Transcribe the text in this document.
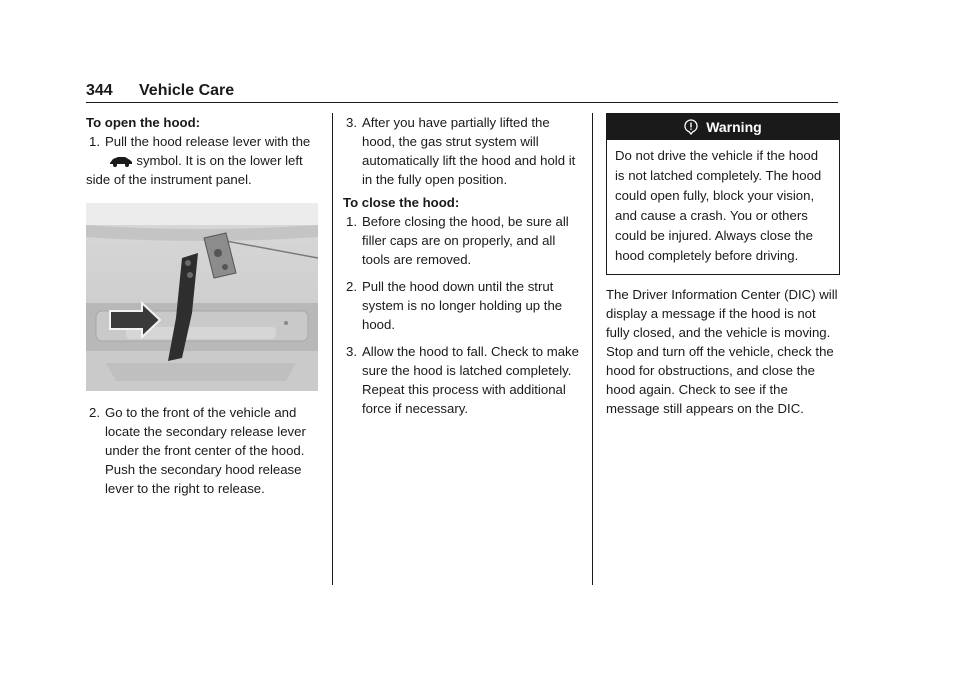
344 Vehicle Care
To open the hood:
1. Pull the hood release lever with the
symbol. It is on the lower left side of the instrument panel.
2. Go to the front of the vehicle and locate the secondary release lever under the front center of the hood. Push the secondary hood release lever to the right to release.
3. After you have partially lifted the hood, the gas strut system will automatically lift the hood and hold it in the fully open position.
To close the hood:
1. Before closing the hood, be sure all filler caps are on properly, and all tools are removed.
2. Pull the hood down until the strut system is no longer holding up the hood.
3. Allow the hood to fall. Check to make sure the hood is latched completely. Repeat this process with additional force if necessary.
Warning
Do not drive the vehicle if the hood is not latched completely. The hood could open fully, block your vision, and cause a crash. You or others could be injured. Always close the hood completely before driving.
The Driver Information Center (DIC) will display a message if the hood is not fully closed, and the vehicle is moving. Stop and turn off the vehicle, check the hood for obstructions, and close the hood again. Check to see if the message still appears on the DIC.
